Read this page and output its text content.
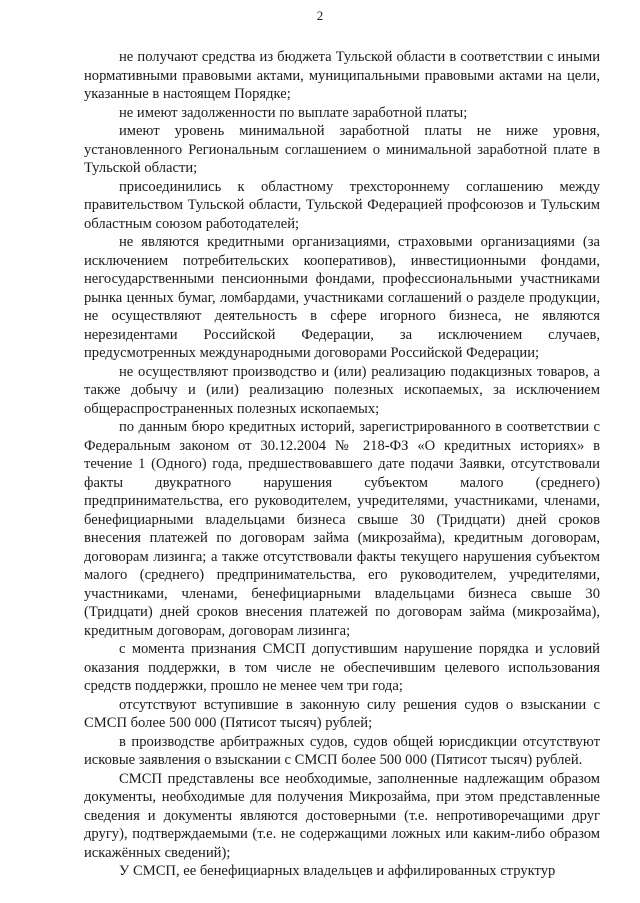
2

не получают средства из бюджета Тульской области в соответствии с иными нормативными правовыми актами, муниципальными правовыми актами на цели, указанные в настоящем Порядке;

не имеют задолженности по выплате заработной платы;

имеют уровень минимальной заработной платы не ниже уровня, установленного Региональным соглашением о минимальной заработной плате в Тульской области;

присоединились к областному трехстороннему соглашению между правительством Тульской области, Тульской Федерацией профсоюзов и Тульским областным союзом работодателей;

не являются кредитными организациями, страховыми организациями (за исключением потребительских кооперативов), инвестиционными фондами, негосударственными пенсионными фондами, профессиональными участниками рынка ценных бумаг, ломбардами, участниками соглашений о разделе продукции, не осуществляют деятельность в сфере игорного бизнеса, не являются нерезидентами Российской Федерации, за исключением случаев, предусмотренных международными договорами Российской Федерации;

не осуществляют производство и (или) реализацию подакцизных товаров, а также добычу и (или) реализацию полезных ископаемых, за исключением общераспространенных полезных ископаемых;

по данным бюро кредитных историй, зарегистрированного в соответствии с Федеральным законом от 30.12.2004 № 218-ФЗ «О кредитных историях» в течение 1 (Одного) года, предшествовавшего дате подачи Заявки, отсутствовали факты двукратного нарушения субъектом малого (среднего) предпринимательства, его руководителем, учредителями, участниками, членами, бенефициарными владельцами бизнеса свыше 30 (Тридцати) дней сроков внесения платежей по договорам займа (микрозайма), кредитным договорам, договорам лизинга; а также отсутствовали факты текущего нарушения субъектом малого (среднего) предпринимательства, его руководителем, учредителями, участниками, членами, бенефициарными владельцами бизнеса свыше 30 (Тридцати) дней сроков внесения платежей по договорам займа (микрозайма), кредитным договорам, договорам лизинга;

с момента признания СМСП допустившим нарушение порядка и условий оказания поддержки, в том числе не обеспечившим целевого использования средств поддержки, прошло не менее чем три года;

отсутствуют вступившие в законную силу решения судов о взыскании с СМСП более 500 000 (Пятисот тысяч) рублей;

в производстве арбитражных судов, судов общей юрисдикции отсутствуют исковые заявления о взыскании с СМСП более 500 000 (Пятисот тысяч) рублей.

СМСП представлены все необходимые, заполненные надлежащим образом документы, необходимые для получения Микрозайма, при этом представленные сведения и документы являются достоверными (т.е. непротиворечащими друг другу), подтверждаемыми (т.е. не содержащими ложных или каким-либо образом искажённых сведений);

У СМСП, ее бенефициарных владельцев и аффилированных структур
